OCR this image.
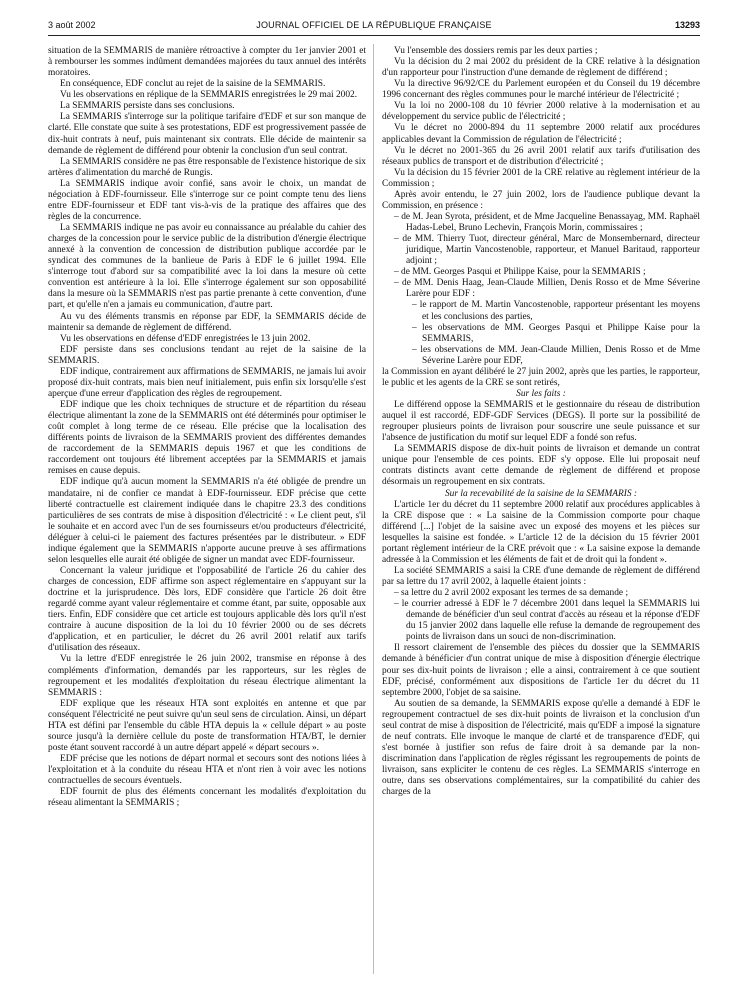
3 août 2002	JOURNAL OFFICIEL DE LA RÉPUBLIQUE FRANÇAISE	13293

situation de la SEMMARIS de manière rétroactive à compter du 1er janvier 2001 et à rembourser les sommes indûment demandées majorées du taux annuel des intérêts moratoires.

En conséquence, EDF conclut au rejet de la saisine de la SEMMARIS.

Vu les observations en réplique de la SEMMARIS enregistrées le 29 mai 2002.

La SEMMARIS persiste dans ses conclusions.

La SEMMARIS s'interroge sur la politique tarifaire d'EDF et sur son manque de clarté. Elle constate que suite à ses protestations, EDF est progressivement passée de dix-huit contrats à neuf, puis maintenant six contrats. Elle décide de maintenir sa demande de règlement de différend pour obtenir la conclusion d'un seul contrat.

La SEMMARIS considère ne pas être responsable de l'existence historique de six artères d'alimentation du marché de Rungis.

La SEMMARIS indique avoir confié, sans avoir le choix, un mandat de négociation à EDF-fournisseur. Elle s'interroge sur ce point compte tenu des liens entre EDF-fournisseur et EDF tant vis-à-vis de la pratique des affaires que des règles de la concurrence.

La SEMMARIS indique ne pas avoir eu connaissance au préalable du cahier des charges de la concession pour le service public de la distribution d'énergie électrique annexé à la convention de concession de distribution publique accordée par le syndicat des communes de la banlieue de Paris à EDF le 6 juillet 1994. Elle s'interroge tout d'abord sur sa compatibilité avec la loi dans la mesure où cette convention est antérieure à la loi. Elle s'interroge également sur son opposabilité dans la mesure où la SEMMARIS n'est pas partie prenante à cette convention, d'une part, et qu'elle n'en a jamais eu communication, d'autre part.

Au vu des éléments transmis en réponse par EDF, la SEMMARIS décide de maintenir sa demande de règlement de différend.

Vu les observations en défense d'EDF enregistrées le 13 juin 2002.

EDF persiste dans ses conclusions tendant au rejet de la saisine de la SEMMARIS.

EDF indique, contrairement aux affirmations de SEMMARIS, ne jamais lui avoir proposé dix-huit contrats, mais bien neuf initialement, puis enfin six lorsqu'elle s'est aperçue d'une erreur d'application des règles de regroupement.

EDF indique que les choix techniques de structure et de répartition du réseau électrique alimentant la zone de la SEMMARIS ont été déterminés pour optimiser le coût complet à long terme de ce réseau. Elle précise que la localisation des différents points de livraison de la SEMMARIS provient des différentes demandes de raccordement de la SEMMARIS depuis 1967 et que les conditions de raccordement ont toujours été librement acceptées par la SEMMARIS et jamais remises en cause depuis.

EDF indique qu'à aucun moment la SEMMARIS n'a été obligée de prendre un mandataire, ni de confier ce mandat à EDF-fournisseur. EDF précise que cette liberté contractuelle est clairement indiquée dans le chapitre 23.3 des conditions particulières de ses contrats de mise à disposition d'électricité : « Le client peut, s'il le souhaite et en accord avec l'un de ses fournisseurs et/ou producteurs d'électricité, déléguer à celui-ci le paiement des factures présentées par le distributeur. » EDF indique également que la SEMMARIS n'apporte aucune preuve à ses affirmations selon lesquelles elle aurait été obligée de signer un mandat avec EDF-fournisseur.

Concernant la valeur juridique et l'opposabilité de l'article 26 du cahier des charges de concession, EDF affirme son aspect réglementaire en s'appuyant sur la doctrine et la jurisprudence. Dès lors, EDF considère que l'article 26 doit être regardé comme ayant valeur réglementaire et comme étant, par suite, opposable aux tiers. Enfin, EDF considère que cet article est toujours applicable dès lors qu'il n'est contraire à aucune disposition de la loi du 10 février 2000 ou de ses décrets d'application, et en particulier, le décret du 26 avril 2001 relatif aux tarifs d'utilisation des réseaux.

Vu la lettre d'EDF enregistrée le 26 juin 2002, transmise en réponse à des compléments d'information, demandés par les rapporteurs, sur les règles de regroupement et les modalités d'exploitation du réseau électrique alimentant la SEMMARIS :

EDF explique que les réseaux HTA sont exploités en antenne et que par conséquent l'électricité ne peut suivre qu'un seul sens de circulation. Ainsi, un départ HTA est défini par l'ensemble du câble HTA depuis la « cellule départ » au poste source jusqu'à la dernière cellule du poste de transformation HTA/BT, le dernier poste étant souvent raccordé à un autre départ appelé « départ secours ».

EDF précise que les notions de départ normal et secours sont des notions liées à l'exploitation et à la conduite du réseau HTA et n'ont rien à voir avec les notions contractuelles de secours éventuels.

EDF fournit de plus des éléments concernant les modalités d'exploitation du réseau alimentant la SEMMARIS ;

Vu l'ensemble des dossiers remis par les deux parties ;

Vu la décision du 2 mai 2002 du président de la CRE relative à la désignation d'un rapporteur pour l'instruction d'une demande de règlement de différend ;

Vu la directive 96/92/CE du Parlement européen et du Conseil du 19 décembre 1996 concernant des règles communes pour le marché intérieur de l'électricité ;

Vu la loi no 2000-108 du 10 février 2000 relative à la modernisation et au développement du service public de l'électricité ;

Vu le décret no 2000-894 du 11 septembre 2000 relatif aux procédures applicables devant la Commission de régulation de l'électricité ;

Vu le décret no 2001-365 du 26 avril 2001 relatif aux tarifs d'utilisation des réseaux publics de transport et de distribution d'électricité ;

Vu la décision du 15 février 2001 de la CRE relative au règlement intérieur de la Commission ;

Après avoir entendu, le 27 juin 2002, lors de l'audience publique devant la Commission, en présence :

– de M. Jean Syrota, président, et de Mme Jacqueline Benassayag, MM. Raphaël Hadas-Lebel, Bruno Lechevin, François Morin, commissaires ;

– de MM. Thierry Tuot, directeur général, Marc de Monsembernard, directeur juridique, Martin Vancostenoble, rapporteur, et Manuel Baritaud, rapporteur adjoint ;

– de MM. Georges Pasqui et Philippe Kaise, pour la SEMMARIS ;

– de MM. Denis Haag, Jean-Claude Millien, Denis Rosso et de Mme Séverine Larère pour EDF :

– le rapport de M. Martin Vancostenoble, rapporteur présentant les moyens et les conclusions des parties,

– les observations de MM. Georges Pasqui et Philippe Kaise pour la SEMMARIS,

– les observations de MM. Jean-Claude Millien, Denis Rosso et de Mme Séverine Larère pour EDF,

la Commission en ayant délibéré le 27 juin 2002, après que les parties, le rapporteur, le public et les agents de la CRE se sont retirés,

Sur les faits :

Le différend oppose la SEMMARIS et le gestionnaire du réseau de distribution auquel il est raccordé, EDF-GDF Services (DEGS). Il porte sur la possibilité de regrouper plusieurs points de livraison pour souscrire une seule puissance et sur l'absence de justification du motif sur lequel EDF a fondé son refus.

La SEMMARIS dispose de dix-huit points de livraison et demande un contrat unique pour l'ensemble de ces points. EDF s'y oppose. Elle lui proposait neuf contrats distincts avant cette demande de règlement de différend et propose désormais un regroupement en six contrats.

Sur la recevabilité de la saisine de la SEMMARIS :

L'article 1er du décret du 11 septembre 2000 relatif aux procédures applicables à la CRE dispose que : « La saisine de la Commission comporte pour chaque différend [...] l'objet de la saisine avec un exposé des moyens et les pièces sur lesquelles la saisine est fondée. » L'article 12 de la décision du 15 février 2001 portant règlement intérieur de la CRE prévoit que : « La saisine expose la demande adressée à la Commission et les éléments de fait et de droit qui la fondent ».

La société SEMMARIS a saisi la CRE d'une demande de règlement de différend par sa lettre du 17 avril 2002, à laquelle étaient joints :

– sa lettre du 2 avril 2002 exposant les termes de sa demande ;

– le courrier adressé à EDF le 7 décembre 2001 dans lequel la SEMMARIS lui demande de bénéficier d'un seul contrat d'accès au réseau et la réponse d'EDF du 15 janvier 2002 dans laquelle elle refuse la demande de regroupement des points de livraison dans un souci de non-discrimination.

Il ressort clairement de l'ensemble des pièces du dossier que la SEMMARIS demande à bénéficier d'un contrat unique de mise à disposition d'énergie électrique pour ses dix-huit points de livraison ; elle a ainsi, contrairement à ce que soutient EDF, précisé, conformément aux dispositions de l'article 1er du décret du 11 septembre 2000, l'objet de sa saisine.

Au soutien de sa demande, la SEMMARIS expose qu'elle a demandé à EDF le regroupement contractuel de ses dix-huit points de livraison et la conclusion d'un seul contrat de mise à disposition de l'électricité, mais qu'EDF a imposé la signature de neuf contrats. Elle invoque le manque de clarté et de transparence d'EDF, qui s'est bornée à justifier son refus de faire droit à sa demande par la non-discrimination dans l'application de règles régissant les regroupements de points de livraison, sans expliciter le contenu de ces règles. La SEMMARIS s'interroge en outre, dans ses observations complémentaires, sur la compatibilité du cahier des charges de la
